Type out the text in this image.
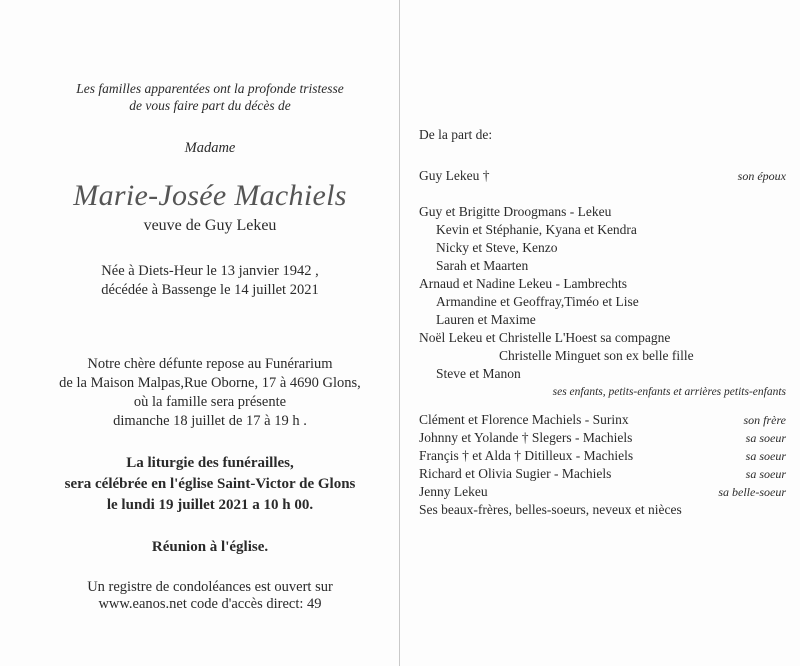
Les familles apparentées ont la profonde tristesse
de vous faire part du décès de
Madame
Marie-Josée Machiels
veuve de Guy Lekeu
Née à Diets-Heur le 13 janvier 1942 ,
décédée à Bassenge le 14 juillet 2021
Notre chère défunte repose au Funérarium
de la Maison Malpas,Rue Oborne, 17 à 4690 Glons,
où la famille sera présente
dimanche 18 juillet de 17 à 19 h .
La liturgie des funérailles,
sera célébrée en l'église Saint-Victor de Glons
le lundi 19 juillet 2021 a 10 h 00.
Réunion à l'église.
Un registre de condoléances est ouvert sur
www.eanos.net code d'accès direct: 49
De la part de:
Guy Lekeu †	son époux
Guy et Brigitte Droogmans - Lekeu
Kevin et Stéphanie, Kyana et Kendra
Nicky et Steve, Kenzo
Sarah et Maarten
Arnaud et Nadine Lekeu - Lambrechts
Armandine et Geoffray,Timéo et Lise
Lauren et Maxime
Noël Lekeu et Christelle L'Hoest sa compagne
Christelle Minguet son ex belle fille
Steve et Manon
ses enfants, petits-enfants et arrières petits-enfants
Clément et Florence Machiels - Surinx	son frère
Johnny et Yolande † Slegers - Machiels	sa soeur
Françis † et Alda † Ditilleux - Machiels	sa soeur
Richard et Olivia Sugier - Machiels	sa soeur
Jenny Lekeu	sa belle-soeur
Ses beaux-frères, belles-soeurs, neveux et nièces
